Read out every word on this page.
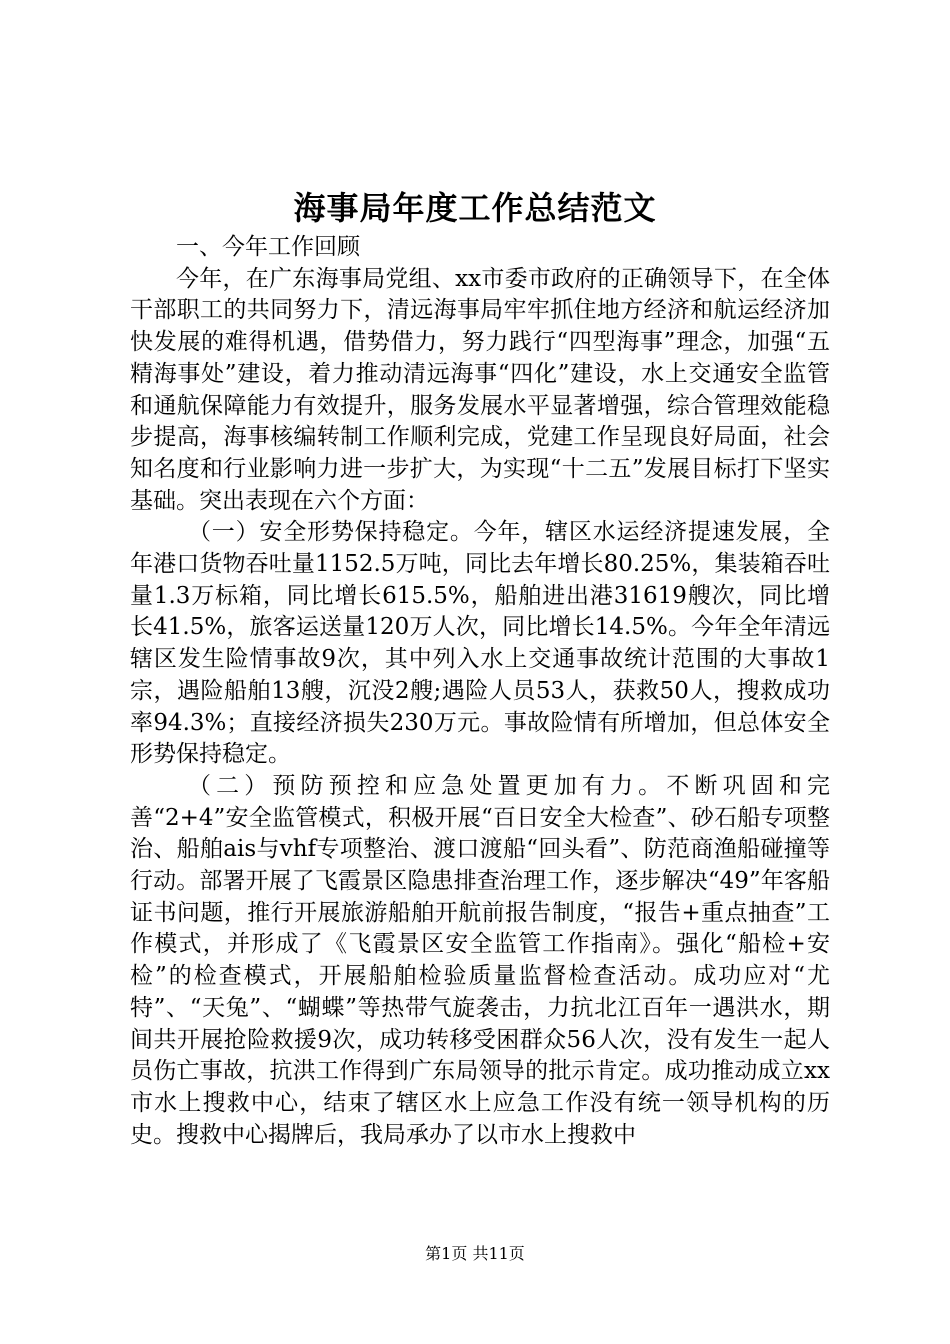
海事局年度工作总结范文

一、今年工作回顾

今年，在广东海事局党组、xx市委市政府的正确领导下，在全体干部职工的共同努力下，清远海事局牢牢抓住地方经济和航运经济加快发展的难得机遇，借势借力，努力践行“四型海事”理念，加强“五精海事处”建设，着力推动清远海事“四化”建设，水上交通安全监管和通航保障能力有效提升，服务发展水平显著增强，综合管理效能稳步提高，海事核编转制工作顺利完成，党建工作呈现良好局面，社会知名度和行业影响力进一步扩大，为实现“十二五”发展目标打下坚实基础。突出表现在六个方面：

（一）安全形势保持稳定。今年，辖区水运经济提速发展，全年港口货物吞吐量1152.5万吨，同比去年增长80.25%，集装箱吞吐量1.3万标箱，同比增长615.5%，船舶进出港31619艘次，同比增长41.5%，旅客运送量120万人次，同比增长14.5%。今年全年清远辖区发生险情事故9次，其中列入水上交通事故统计范围的大事故1宗，遇险船舶13艘，沉没2艘;遇险人员53人，获救50人，搜救成功率94.3%；直接经济损失230万元。事故险情有所增加，但总体安全形势保持稳定。

（二）预防预控和应急处置更加有力。不断巩固和完善“2+4”安全监管模式，积极开展“百日安全大检查”、砂石船专项整治、船舶ais与vhf专项整治、渡口渡船“回头看”、防范商渔船碰撞等行动。部署开展了飞霞景区隐患排查治理工作，逐步解决“49”年客船证书问题，推行开展旅游船舶开航前报告制度，“报告+重点抽查”工作模式，并形成了《飞霞景区安全监管工作指南》。强化“船检+安检”的检查模式，开展船舶检验质量监督检查活动。成功应对“尤特”、“天兔”、“蝴蝶”等热带气旋袭击，力抗北江百年一遇洪水，期间共开展抢险救援9次，成功转移受困群众56人次，没有发生一起人员伤亡事故，抗洪工作得到广东局领导的批示肯定。成功推动成立xx市水上搜救中心，结束了辖区水上应急工作没有统一领导机构的历史。搜救中心揭牌后，我局承办了以市水上搜救中

第1页 共11页
